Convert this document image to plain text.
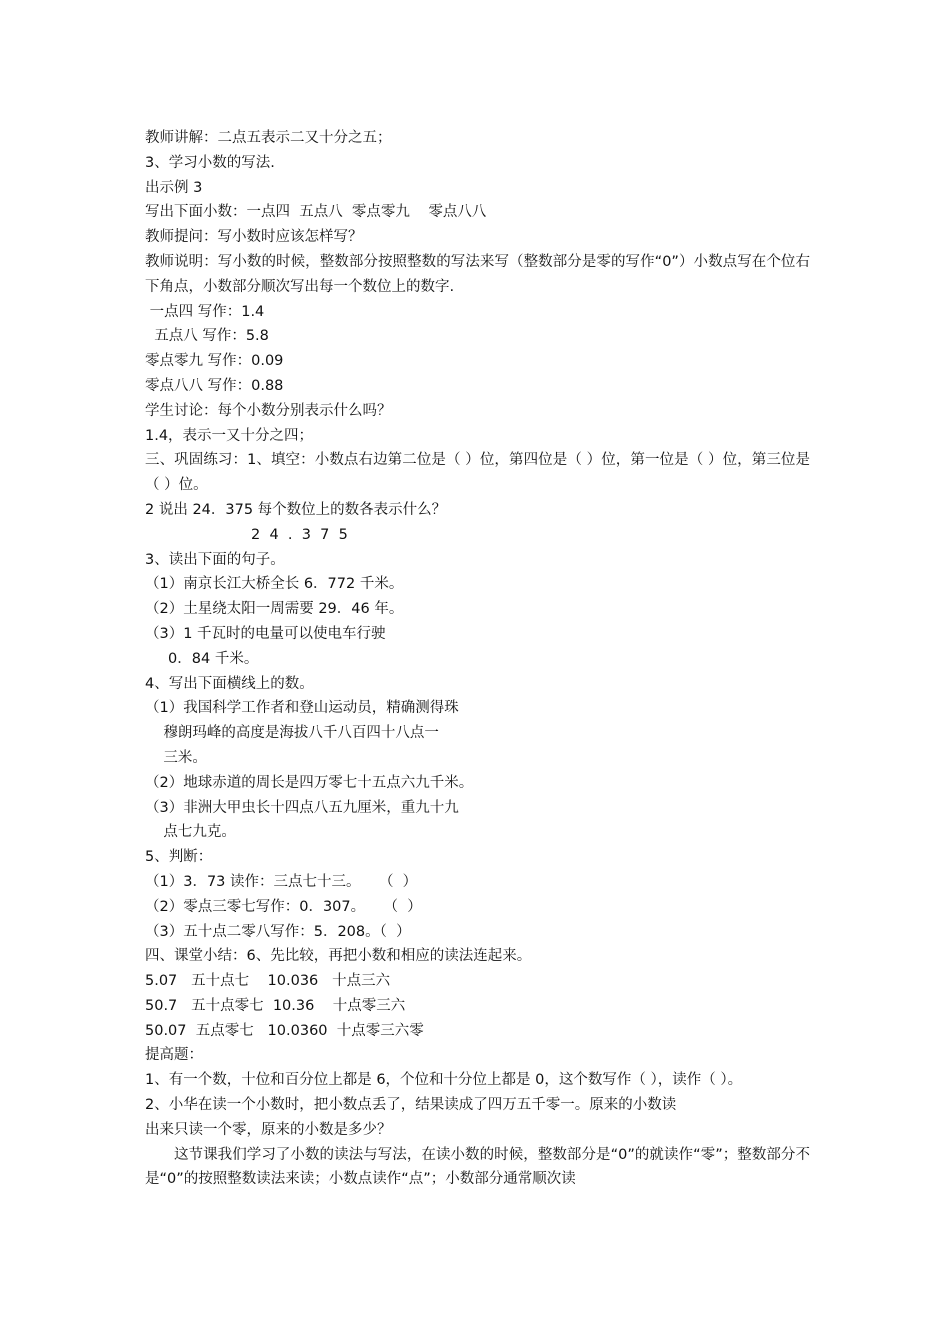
教师讲解：二点五表示二又十分之五；
3、学习小数的写法.
出示例 3
写出下面小数：一点四  五点八  零点零九    零点八八
教师提问：写小数时应该怎样写？
教师说明：写小数的时候，整数部分按照整数的写法来写（整数部分是零的写作“0”）小数点写在个位右下角点，小数部分顺次写出每一个数位上的数字.
一点四 写作：1.4
五点八 写作：5.8
零点零九 写作：0.09
零点八八 写作：0.88
学生讨论：每个小数分别表示什么吗？
1.4，表示一又十分之四；
三、巩固练习：1、填空：小数点右边第二位是（ ）位，第四位是（ ）位，第一位是（ ）位，第三位是（ ）位。
2 说出 24．375 每个数位上的数各表示什么？
2  4  .  3  7  5
3、读出下面的句子。
（1）南京长江大桥全长 6．772 千米。
（2）土星绕太阳一周需要 29．46 年。
（3）1 千瓦时的电量可以使电车行驶
0．84 千米。
4、写出下面横线上的数。
（1）我国科学工作者和登山运动员，精确测得珠
穆朗玛峰的高度是海拔八千八百四十八点一
三米。
（2）地球赤道的周长是四万零七十五点六九千米。
（3）非洲大甲虫长十四点八五九厘米，重九十九
点七九克。
5、判断：
（1）3．73 读作：三点七十三。    （  ）
（2）零点三零七写作：0．307。    （  ）
（3）五十点二零八写作：5．208。（  ）
四、课堂小结：6、先比较，再把小数和相应的读法连起来。
5.07   五十点七    10.036   十点三六
50.7   五十点零七  10.36    十点零三六
50.07  五点零七   10.0360  十点零三六零
提高题：
1、有一个数，十位和百分位上都是 6，个位和十分位上都是 0，这个数写作（ ），读作（ ）。
2、小华在读一个小数时，把小数点丢了，结果读成了四万五千零一。原来的小数读
出来只读一个零，原来的小数是多少？
这节课我们学习了小数的读法与写法，在读小数的时候，整数部分是“0”的就读作“零”；整数部分不是“0”的按照整数读法来读；小数点读作“点”；小数部分通常顺次读
